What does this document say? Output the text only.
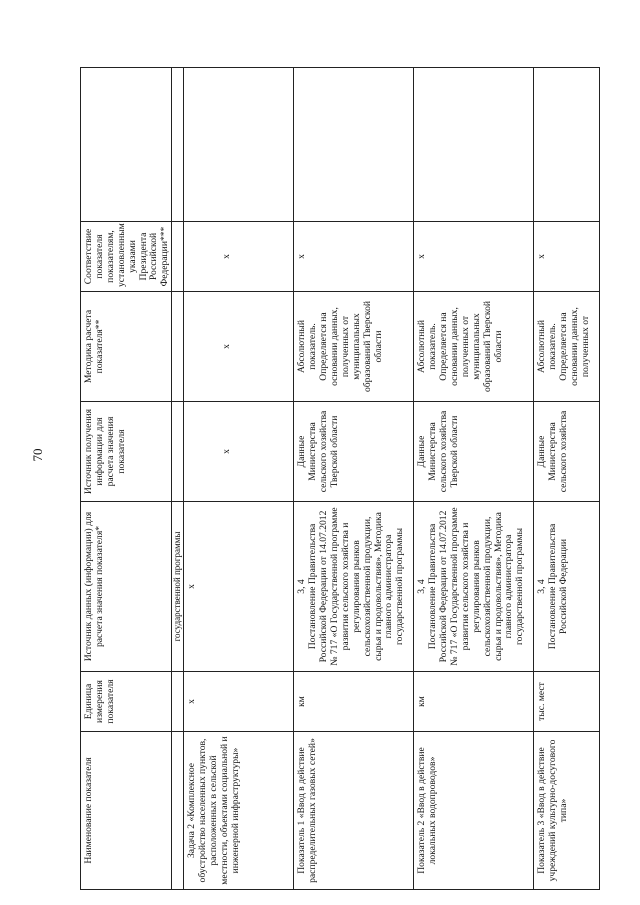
70
Наименование показателя	Единица измерения показателя	Источник данных (информации) для расчета значения показателя*	Источник получения информации для расчета значения показателя	Методика расчета показателя**	Соответствие показателя показателям, установленным указами Президента Российской Федерации***	
		государственной программы				
Задача 2 «Комплексное обустройство населенных пунктов, расположенных в сельской местности, объектами социальной и инженерной инфраструктуры»	х	х	х	х	х	
Показатель 1 «Ввод в действие распределительных газовых сетей»	км	3, 4 Постановление Правительства Российской Федерации от 14.07.2012 № 717 «О Государственной программе развития сельского хозяйства и регулирования рынков сельскохозяйственной продукции, сырья и продовольствия», Методика главного администратора государственной программы	Данные Министерства сельского хозяйства Тверской области	Абсолютный показатель. Определяется на основании данных, полученных от муниципальных образований Тверской области	х	
Показатель 2 «Ввод в действие локальных водопроводов»	км	3, 4 Постановление Правительства Российской Федерации от 14.07.2012 № 717 «О Государственной программе развития сельского хозяйства и регулирования рынков сельскохозяйственной продукции, сырья и продовольствия», Методика главного администратора государственной программы	Данные Министерства сельского хозяйства Тверской области	Абсолютный показатель. Определяется на основании данных, полученных от муниципальных образований Тверской области	х	
Показатель 3 «Ввод в действие учреждений культурно-досугового типа»	тыс. мест	3, 4 Постановление Правительства Российской Федерации	Данные Министерства сельского хозяйства	Абсолютный показатель. Определяется на основании данных, полученных от	х	
